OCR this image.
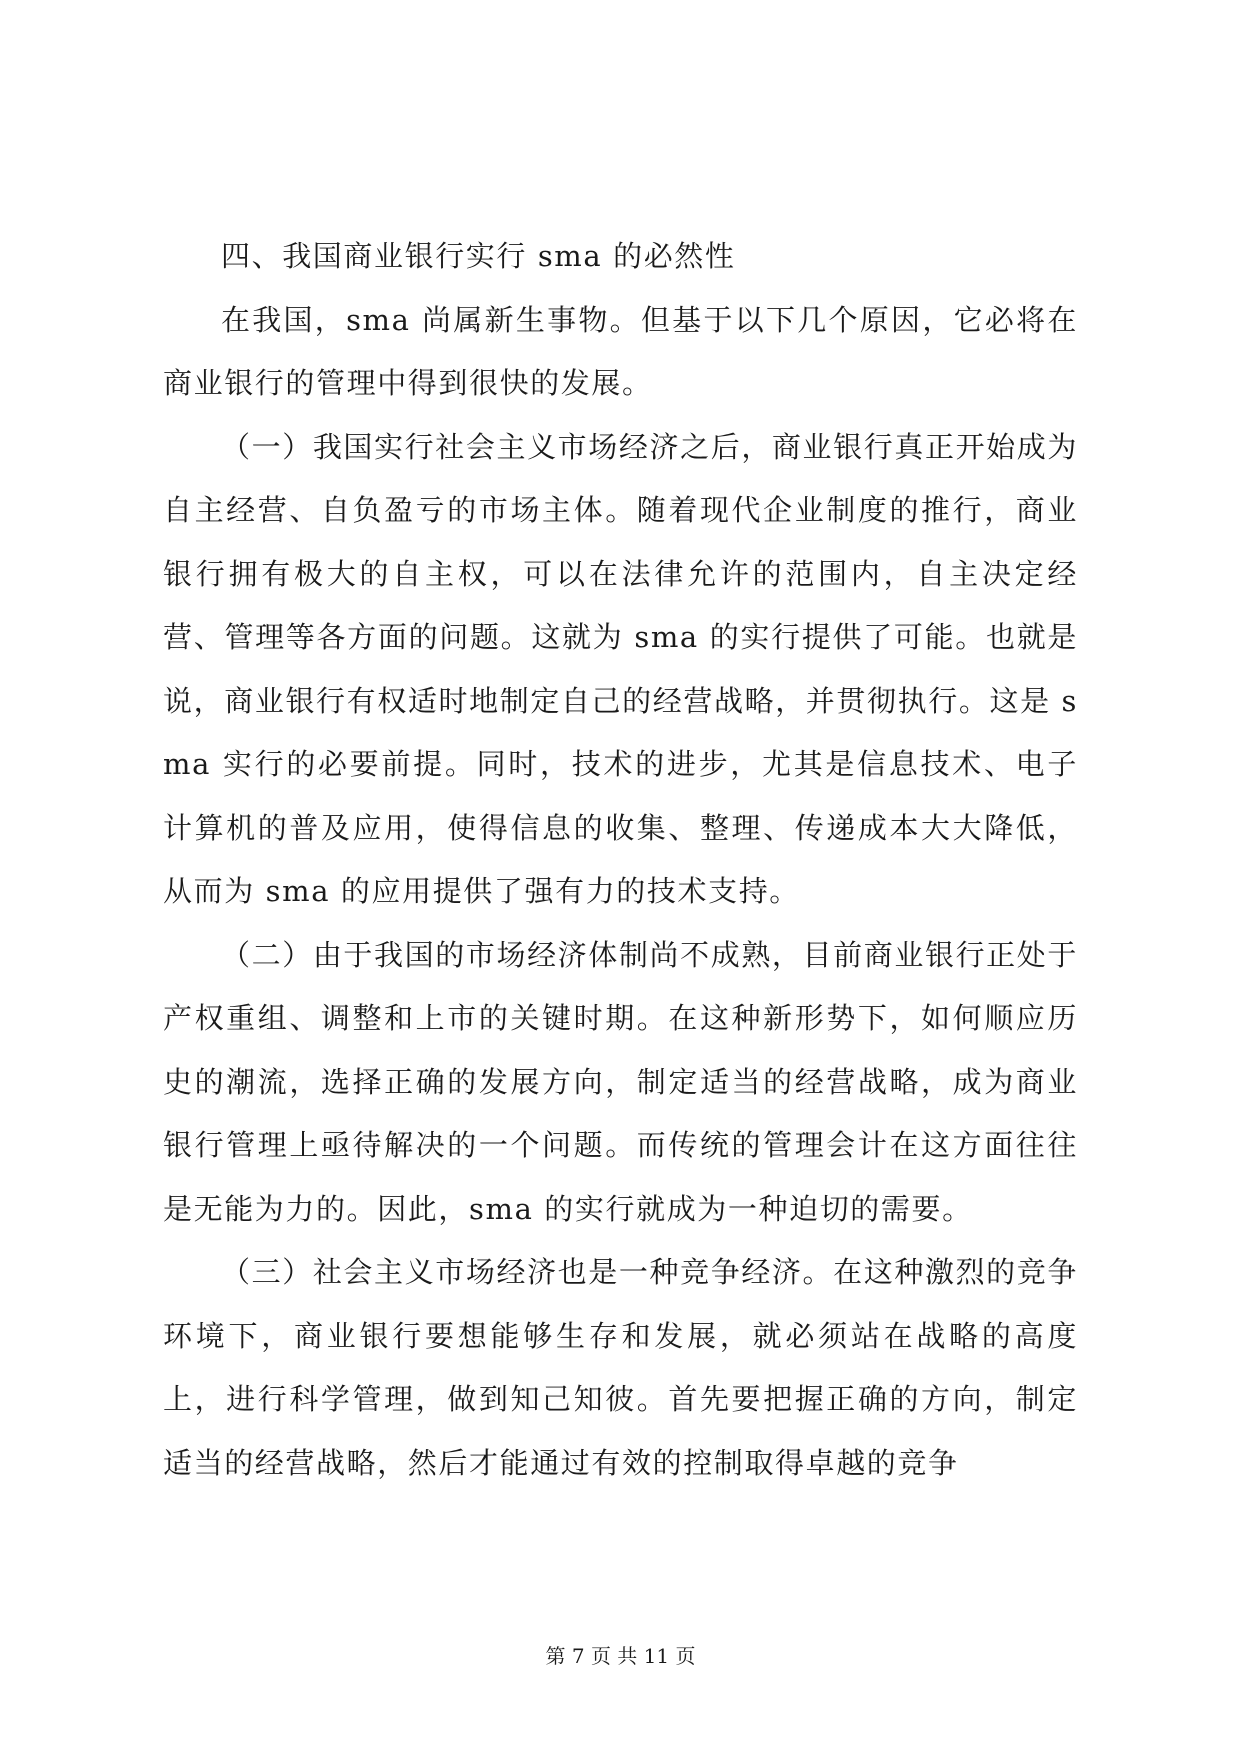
四、我国商业银行实行 sma 的必然性

在我国，sma 尚属新生事物。但基于以下几个原因，它必将在商业银行的管理中得到很快的发展。

（一）我国实行社会主义市场经济之后，商业银行真正开始成为自主经营、自负盈亏的市场主体。随着现代企业制度的推行，商业银行拥有极大的自主权，可以在法律允许的范围内，自主决定经营、管理等各方面的问题。这就为 sma 的实行提供了可能。也就是说，商业银行有权适时地制定自己的经营战略，并贯彻执行。这是 sma 实行的必要前提。同时，技术的进步，尤其是信息技术、电子计算机的普及应用，使得信息的收集、整理、传递成本大大降低，从而为 sma 的应用提供了强有力的技术支持。

（二）由于我国的市场经济体制尚不成熟，目前商业银行正处于产权重组、调整和上市的关键时期。在这种新形势下，如何顺应历史的潮流，选择正确的发展方向，制定适当的经营战略，成为商业银行管理上亟待解决的一个问题。而传统的管理会计在这方面往往是无能为力的。因此，sma 的实行就成为一种迫切的需要。

（三）社会主义市场经济也是一种竞争经济。在这种激烈的竞争环境下，商业银行要想能够生存和发展，就必须站在战略的高度上，进行科学管理，做到知己知彼。首先要把握正确的方向，制定适当的经营战略，然后才能通过有效的控制取得卓越的竞争

第 7 页 共 11 页
